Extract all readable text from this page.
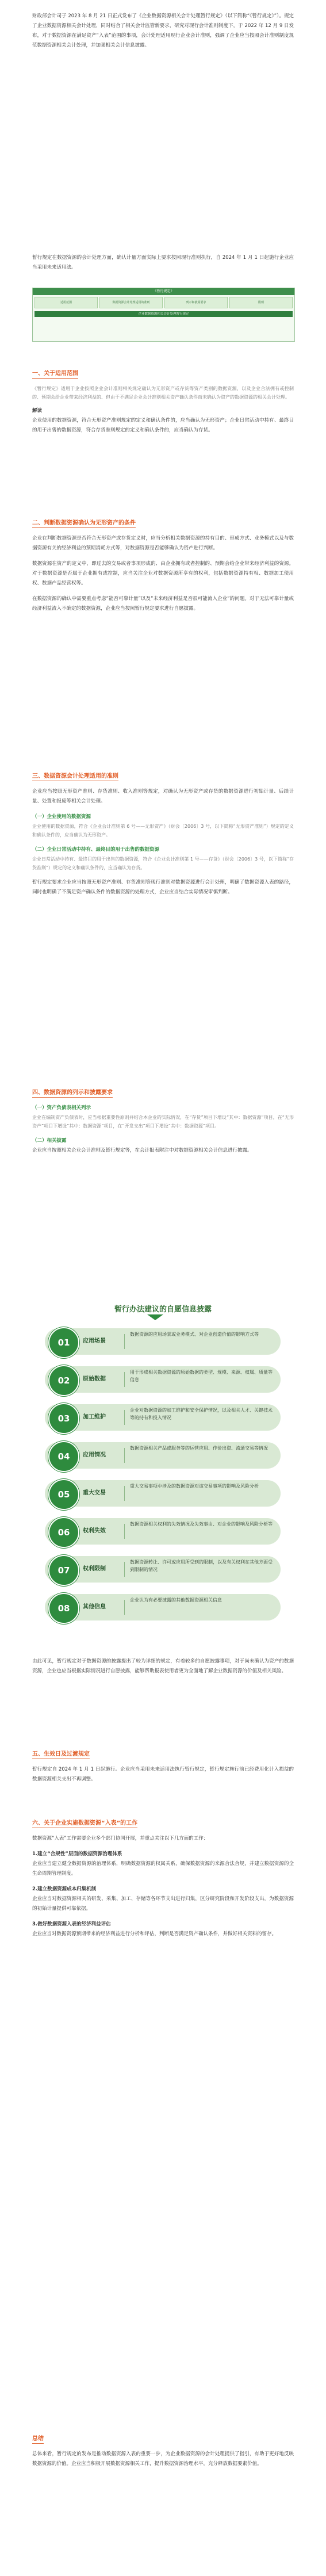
财政部会计司于 2023 年 8 月 21 日正式发布了《企业数据资源相关会计处理暂行规定》（以下简称“《暂行规定》”）。规定了企业数据资源相关会计处理，同时结合了相关会计监管新要求，研究对现行会计准则制度下，于 2022 年 12 月 9 日发布，对于数据资源在满足资产“入表”范围的事项，会计处理适用现行企业会计准则，强调了企业应当按照会计准则制度规范数据资源相关会计处理，并加强相关会计信息披露。

暂行规定在数据资源的会计处理方面，确认计量方面实际上要求按照现行准则执行，自 2024 年 1 月 1 日起施行企业应当采用未来适用法。

《暂行规定》
适用范围	数据资源会计处理适用的准则	列示和披露要求	附则
企业数据资源相关会计处理暂行规定
一、关于适用范围

《暂行规定》适用于企业按照企业会计准则相关规定确认为无形资产或存货等资产类别的数据资源，以及企业合法拥有或控制的、预期会给企业带来经济利益的、但由于不满足企业会计准则相关资产确认条件而未确认为资产的数据资源的相关会计处理。

解读

企业使用的数据资源，符合无形资产准则规定的定义和确认条件的，应当确认为无形资产；企业日常活动中持有、最终目的用于出售的数据资源，符合存货准则规定的定义和确认条件的，应当确认为存货。

二、判断数据资源确认为无形资产的条件

企业在判断数据资源是否符合无形资产或存货定义时，应当分析相关数据资源的持有目的、形成方式、业务模式以及与数据资源有关的经济利益的预期消耗方式等，对数据资源是否能够确认为资产进行判断。

数据资源在资产的定义中，即过去的交易或者事项形成的、由企业拥有或者控制的、预期会给企业带来经济利益的资源。对于数据资源是否属于企业拥有或控制，应当关注企业对数据资源所享有的权利，包括数据资源持有权、数据加工使用权、数据产品经营权等。

在数据资源的确认中需要重点考虑“能否可靠计量”以及“未来经济利益是否很可能流入企业”的问题。对于无法可靠计量或经济利益流入不确定的数据资源，企业应当按照暂行规定要求进行自愿披露。

三、数据资源会计处理适用的准则

企业应当按照无形资产准则、存货准则、收入准则等规定，对确认为无形资产或存货的数据资源进行初始计量、后续计量、处置和报废等相关会计处理。

（一）企业使用的数据资源

企业使用的数据资源，符合《企业会计准则第 6 号——无形资产》（财会〔2006〕3 号，以下简称“无形资产准则”）规定的定义和确认条件的，应当确认为无形资产。

（二）企业日常活动中持有、最终目的用于出售的数据资源

企业日常活动中持有、最终目的用于出售的数据资源，符合《企业会计准则第 1 号——存货》（财会〔2006〕3 号，以下简称“存货准则”）规定的定义和确认条件的，应当确认为存货。

暂行规定要求企业应当按照无形资产准则、存货准则等现行准则对数据资源进行会计处理，明确了数据资源入表的路径，同时也明确了不满足资产确认条件的数据资源的处理方式，企业应当结合实际情况审慎判断。

四、数据资源的列示和披露要求

（一）资产负债表相关列示

企业在编制资产负债表时，应当根据重要性原则并结合本企业的实际情况，在“存货”项目下增设“其中：数据资源”项目，在“无形资产”项目下增设“其中：数据资源”项目，在“开发支出”项目下增设“其中：数据资源”项目。

（二）相关披露

企业应当按照相关企业会计准则及暂行规定等，在会计报表附注中对数据资源相关会计信息进行披露。

暂行办法建议的自愿信息披露
01	应用场景
数据资源的应用场景或业务模式、对企业创造价值的影响方式等
02	原始数据
用于形成相关数据资源的原始数据的类型、规模、来源、权属、质量等信息
03	加工维护
企业对数据资源的加工维护和安全保护情况，以及相关人才、关键技术等的持有和投入情况
04	应用情况
数据资源相关产品或服务等的运营应用、作价出资、流通交易等情况
05	重大交易
重大交易事项中涉及的数据资源对该交易事项的影响及风险分析
06	权利失效
数据资源相关权利的失效情况及失效事由、对企业的影响及风险分析等
07	权利限制
数据资源转让、许可或应用所受到的限制，以及有关权利在其他方面受到限制的情况
08	其他信息
企业认为有必要披露的其他数据资源相关信息

由此可见，暂行规定对于数据资源的披露提出了较为详细的规定，有着较多的自愿披露事项，对于尚未确认为资产的数据资源，企业也应当根据实际情况进行自愿披露，能够帮助报表使用者更为全面地了解企业数据资源的价值及相关风险。

五、生效日及过渡规定

暂行规定自 2024 年 1 月 1 日起施行。企业应当采用未来适用法执行暂行规定，暂行规定施行前已经费用化计入损益的数据资源相关支出不再调整。

六、关于企业实施数据资源“入表”的工作

数据资源“入表”工作需要企业多个部门协同开展，并重点关注以下几方面的工作：

1.建立“合规性”层面的数据资源治理体系

企业应当建立健全数据资源的治理体系，明确数据资源的权属关系，确保数据资源的来源合法合规，并建立数据资源的全生命周期管理制度。

2.建立数据资源成本归集机制

企业应当对数据资源相关的研发、采集、加工、存储等各环节支出进行归集，区分研究阶段和开发阶段支出，为数据资源的初始计量提供可靠依据。

3.做好数据资源入表的经济利益评估

企业应当对数据资源预期带来的经济利益进行分析和评估，判断是否满足资产确认条件，并做好相关资料的留存。

总结

总体来看，暂行规定的发布是推动数据资源入表的重要一步，为企业数据资源的会计处理提供了指引，有助于更好地反映数据资源的价值。企业应当积极开展数据资源相关工作，提升数据资源治理水平，充分释放数据要素价值。
